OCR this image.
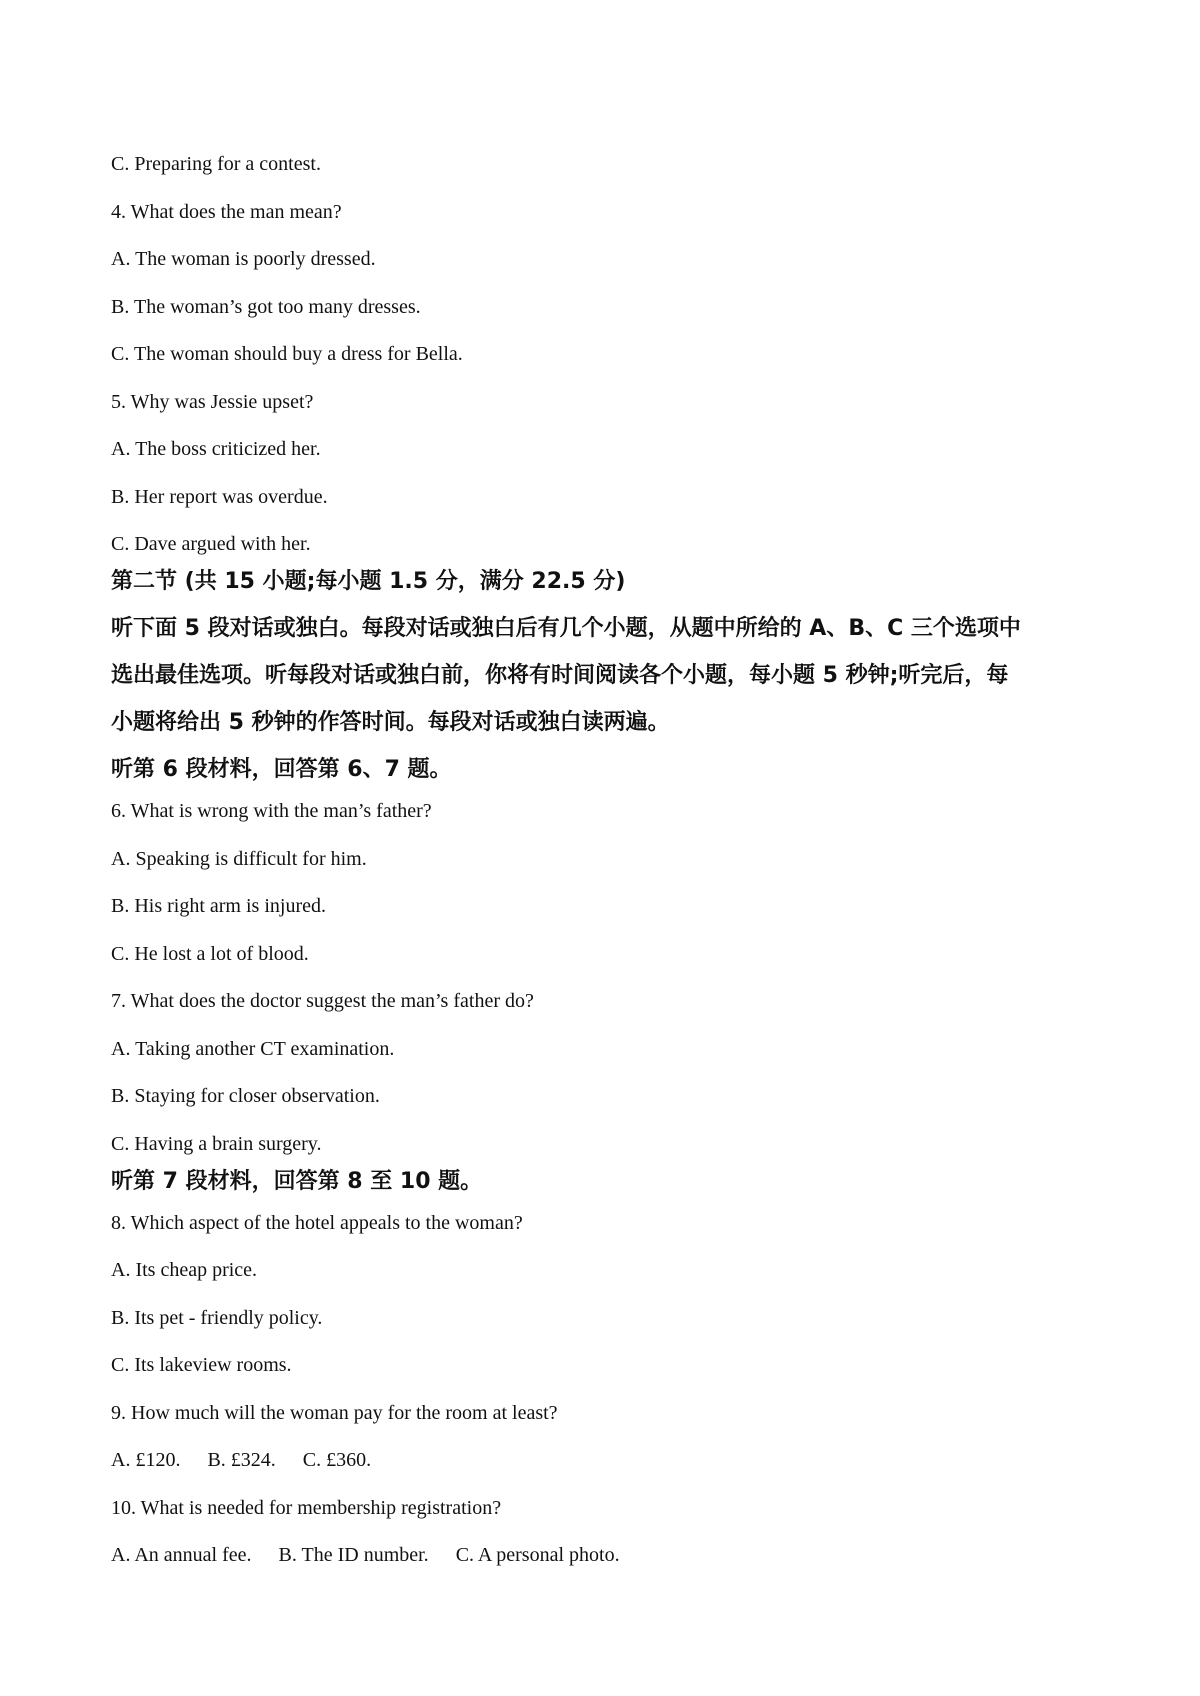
C. Preparing for a contest.
4. What does the man mean?
A. The woman is poorly dressed.
B. The woman’s got too many dresses.
C. The woman should buy a dress for Bella.
5. Why was Jessie upset?
A. The boss criticized her.
B. Her report was overdue.
C. Dave argued with her.
第二节 (共 15 小题;每小题 1.5 分，满分 22.5 分)
听下面 5 段对话或独白。每段对话或独白后有几个小题，从题中所给的 A、B、C 三个选项中
选出最佳选项。听每段对话或独白前，你将有时间阅读各个小题，每小题 5 秒钟;听完后，每
小题将给出 5 秒钟的作答时间。每段对话或独白读两遍。
听第 6 段材料，回答第 6、7 题。
6. What is wrong with the man’s father?
A. Speaking is difficult for him.
B. His right arm is injured.
C. He lost a lot of blood.
7. What does the doctor suggest the man’s father do?
A. Taking another CT examination.
B. Staying for closer observation.
C. Having a brain surgery.
听第 7 段材料，回答第 8 至 10 题。
8. Which aspect of the hotel appeals to the woman?
A. Its cheap price.
B. Its pet - friendly policy.
C. Its lakeview rooms.
9. How much will the woman pay for the room at least?
A. £120. B. £324. C. £360.
10. What is needed for membership registration?
A. An annual fee. B. The ID number. C. A personal photo.
